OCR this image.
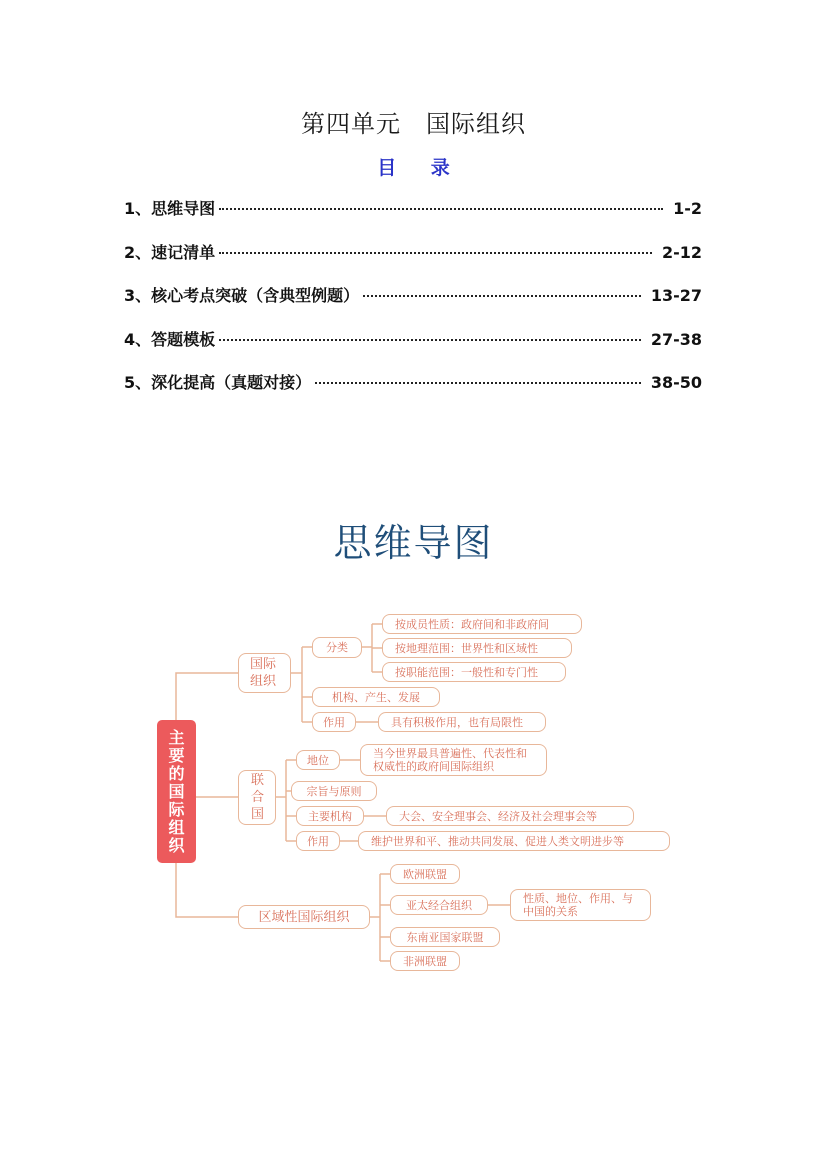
第四单元　国际组织
目 录
1、思维导图	1-2
2、速记清单	2-12
3、核心考点突破（含典型例题）	13-27
4、答题模板	27-38
5、深化提高（真题对接）	38-50
思维导图
主要的国际组织
国际组织
分类
按成员性质：政府间和非政府间
按地理范围：世界性和区域性
按职能范围：一般性和专门性
机构、产生、发展
作用	具有积极作用，也有局限性
联合国
地位	当今世界最具普遍性、代表性和权威性的政府间国际组织
宗旨与原则
主要机构	大会、安全理事会、经济及社会理事会等
作用	维护世界和平、推动共同发展、促进人类文明进步等
区域性国际组织
欧洲联盟
亚太经合组织	性质、地位、作用、与中国的关系
东南亚国家联盟
非洲联盟
